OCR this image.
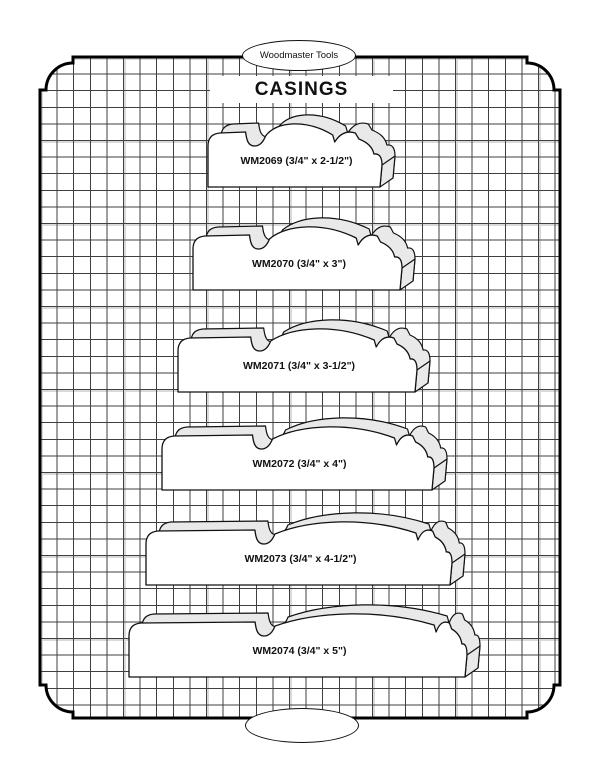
CASINGS
Woodmaster Tools
WM2069 (3/4" x 2-1/2")
WM2070 (3/4" x 3")
WM2071 (3/4" x 3-1/2")
WM2072 (3/4" x 4")
WM2073 (3/4" x 4-1/2")
WM2074 (3/4" x 5")
